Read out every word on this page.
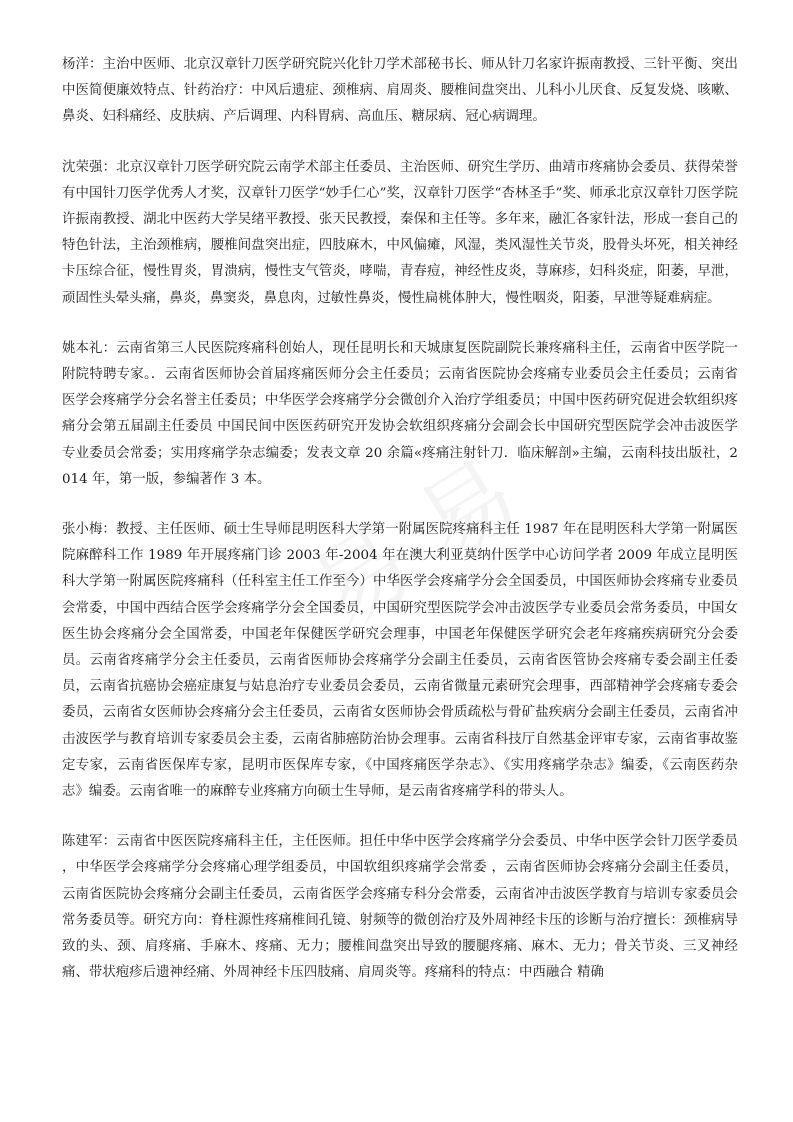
杨洋：主治中医师、北京汉章针刀医学研究院兴化针刀学术部秘书长、师从针刀名家许振南教授、三针平衡、突出中医简便廉效特点、针药治疗：中风后遗症、颈椎病、肩周炎、腰椎间盘突出、儿科小儿厌食、反复发烧、咳嗽、鼻炎、妇科痛经、皮肤病、产后调理、内科胃病、高血压、糖尿病、冠心病调理。

沈荣强：北京汉章针刀医学研究院云南学术部主任委员、主治医师、研究生学历、曲靖市疼痛协会委员、获得荣誉有中国针刀医学优秀人才奖，汉章针刀医学“妙手仁心”奖，汉章针刀医学“杏林圣手”奖、师承北京汉章针刀医学院许振南教授、湖北中医药大学吴绪平教授、张天民教授，秦保和主任等。多年来，融汇各家针法，形成一套自己的特色针法，主治颈椎病，腰椎间盘突出症，四肢麻木，中风偏瘫，风湿，类风湿性关节炎，股骨头坏死，相关神经卡压综合征，慢性胃炎，胃溃病，慢性支气管炎，哮喘，青春痘，神经性皮炎，荨麻疹，妇科炎症，阳萎，早泄，顽固性头晕头痛，鼻炎，鼻窦炎，鼻息肉，过敏性鼻炎，慢性扁桃体肿大，慢性咽炎，阳萎，早泄等疑难病症。

姚本礼：云南省第三人民医院疼痛科创始人，现任昆明长和天城康复医院副院长兼疼痛科主任，云南省中医学院一附院特聘专家。．云南省医师协会首届疼痛医师分会主任委员；云南省医院协会疼痛专业委员会主任委员；云南省医学会疼痛学分会名誉主任委员；中华医学会疼痛学分会微创介入治疗学组委员；中国中医药研究促进会软组织疼痛分会第五届副主任委员 中国民间中医医药研究开发协会软组织疼痛分会副会长中国研究型医院学会冲击波医学专业委员会常委；实用疼痛学杂志编委；发表文章 20 余篇«疼痛注射针刀．临床解剖»主编，云南科技出版社，2014 年，第一版，参编著作 3 本。

张小梅：教授、主任医师、硕士生导师昆明医科大学第一附属医院疼痛科主任 1987 年在昆明医科大学第一附属医院麻醉科工作 1989 年开展疼痛门诊 2003 年-2004 年在澳大利亚莫纳什医学中心访问学者 2009 年成立昆明医科大学第一附属医院疼痛科（任科室主任工作至今）中华医学会疼痛学分会全国委员，中国医师协会疼痛专业委员会常委，中国中西结合医学会疼痛学分会全国委员，中国研究型医院学会冲击波医学专业委员会常务委员，中国女医生协会疼痛分会全国常委，中国老年保健医学研究会理事，中国老年保健医学研究会老年疼痛疾病研究分会委员。云南省疼痛学分会主任委员，云南省医师协会疼痛学分会副主任委员，云南省医管协会疼痛专委会副主任委员，云南省抗癌协会癌症康复与姑息治疗专业委员会委员，云南省微量元素研究会理事，西部精神学会疼痛专委会委员，云南省女医师协会疼痛分会主任委员，云南省女医师协会骨质疏松与骨矿盐疾病分会副主任委员，云南省冲击波医学与教育培训专家委员会主委，云南省肺癌防治协会理事。云南省科技厅自然基金评审专家，云南省事故鉴定专家，云南省医保库专家，昆明市医保库专家，《中国疼痛医学杂志》、《实用疼痛学杂志》编委，《云南医药杂志》编委。云南省唯一的麻醉专业疼痛方向硕士生导师，是云南省疼痛学科的带头人。

陈建军：云南省中医医院疼痛科主任，主任医师。担任中华中医学会疼痛学分会委员、中华中医学会针刀医学委员 ，中华医学会疼痛学分会疼痛心理学组委员，中国软组织疼痛学会常委 ，云南省医师协会疼痛分会副主任委员，云南省医院协会疼痛分会副主任委员，云南省医学会疼痛专科分会常委，云南省冲击波医学教育与培训专家委员会常务委员等。研究方向：脊柱源性疼痛椎间孔镜、射频等的微创治疗及外周神经卡压的诊断与治疗擅长：颈椎病导致的头、颈、肩疼痛、手麻木、疼痛、无力；腰椎间盘突出导致的腰腿疼痛、麻木、无力；骨关节炎、三叉神经痛、带状疱疹后遗神经痛、外周神经卡压四肢痛、肩周炎等。疼痛科的特点：中西融合 精确
